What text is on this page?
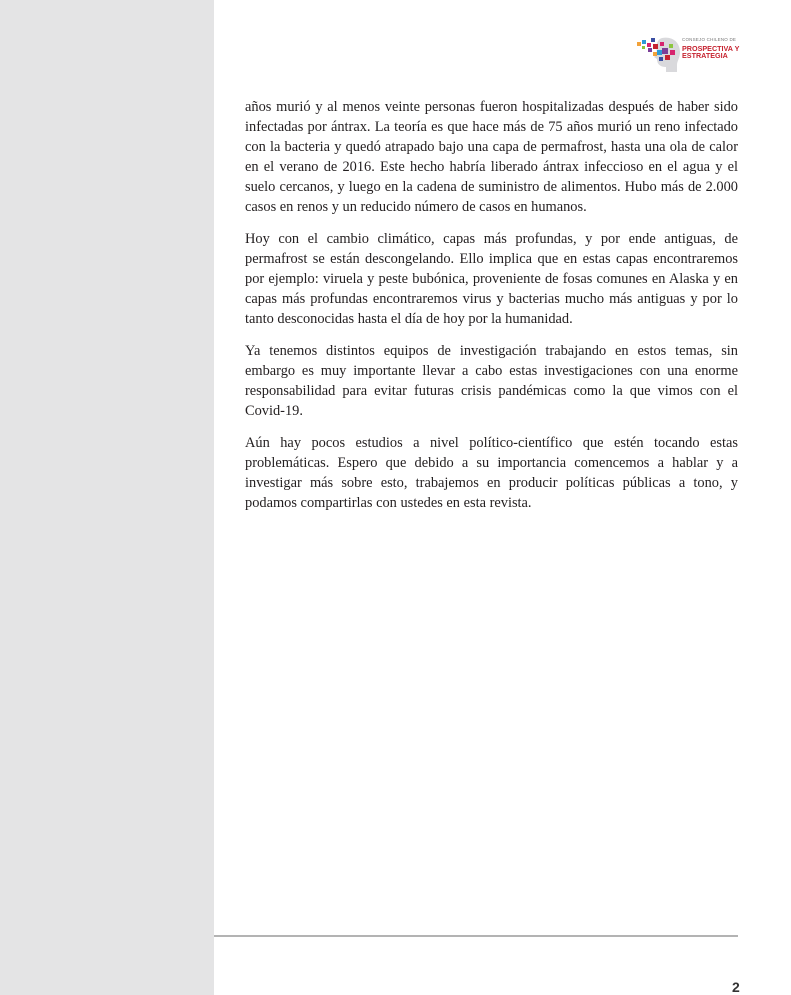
CONSEJO CHILENO DE
PROSPECTIVA Y
ESTRATEGIA

años murió y al menos veinte personas fueron hospitalizadas después de haber sido infectadas por ántrax. La teoría es que hace más de 75 años murió un reno infectado con la bacteria y quedó atrapado bajo una capa de permafrost, hasta una ola de calor en el verano de 2016. Este hecho habría liberado ántrax infeccioso en el agua y el suelo cercanos, y luego en la cadena de suministro de alimentos. Hubo más de 2.000 casos en renos y un reducido número de casos en humanos.

Hoy con el cambio climático, capas más profundas, y por ende antiguas, de permafrost se están descongelando. Ello implica que en estas capas encontraremos por ejemplo: viruela y peste bubónica, proveniente de fosas comunes en Alaska y en capas más profundas encontraremos virus y bacterias mucho más antiguas y por lo tanto desconocidas hasta el día de hoy por la humanidad.

Ya tenemos distintos equipos de investigación trabajando en estos temas, sin embargo es muy importante llevar a cabo estas investigaciones con una enorme responsabilidad para evitar futuras crisis pandémicas como la que vimos con el Covid-19.

Aún hay pocos estudios a nivel político-científico que estén tocando estas problemáticas. Espero que debido a su importancia comencemos a hablar y a investigar más sobre esto, trabajemos en producir políticas públicas a tono, y podamos compartirlas con ustedes en esta revista.

2
